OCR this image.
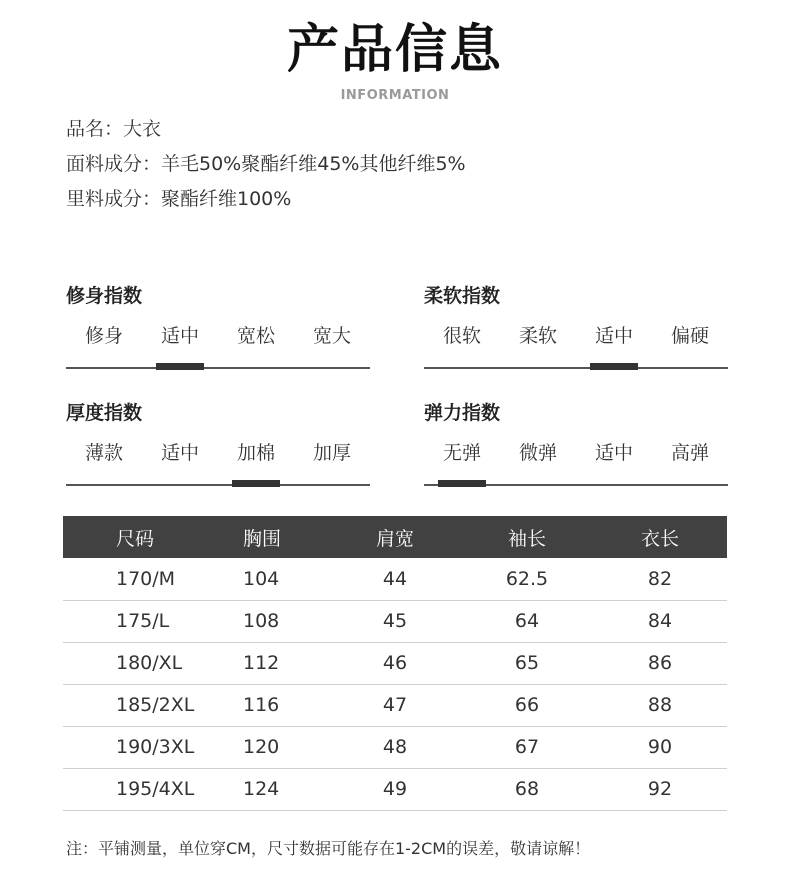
产品信息
INFORMATION
品名：大衣
面料成分：羊毛50%聚酯纤维45%其他纤维5%
里料成分：聚酯纤维100%
修身指数
修身	适中	宽松	宽大
柔软指数
很软	柔软	适中	偏硬
厚度指数
薄款	适中	加棉	加厚
弹力指数
无弹	微弹	适中	高弹
尺码	胸围	肩宽	袖长	衣长
170/M	104	44	62.5	82
175/L	108	45	64	84
180/XL	112	46	65	86
185/2XL	116	47	66	88
190/3XL	120	48	67	90
195/4XL	124	49	68	92
注：平铺测量，单位穿CM，尺寸数据可能存在1-2CM的误差，敬请谅解！
